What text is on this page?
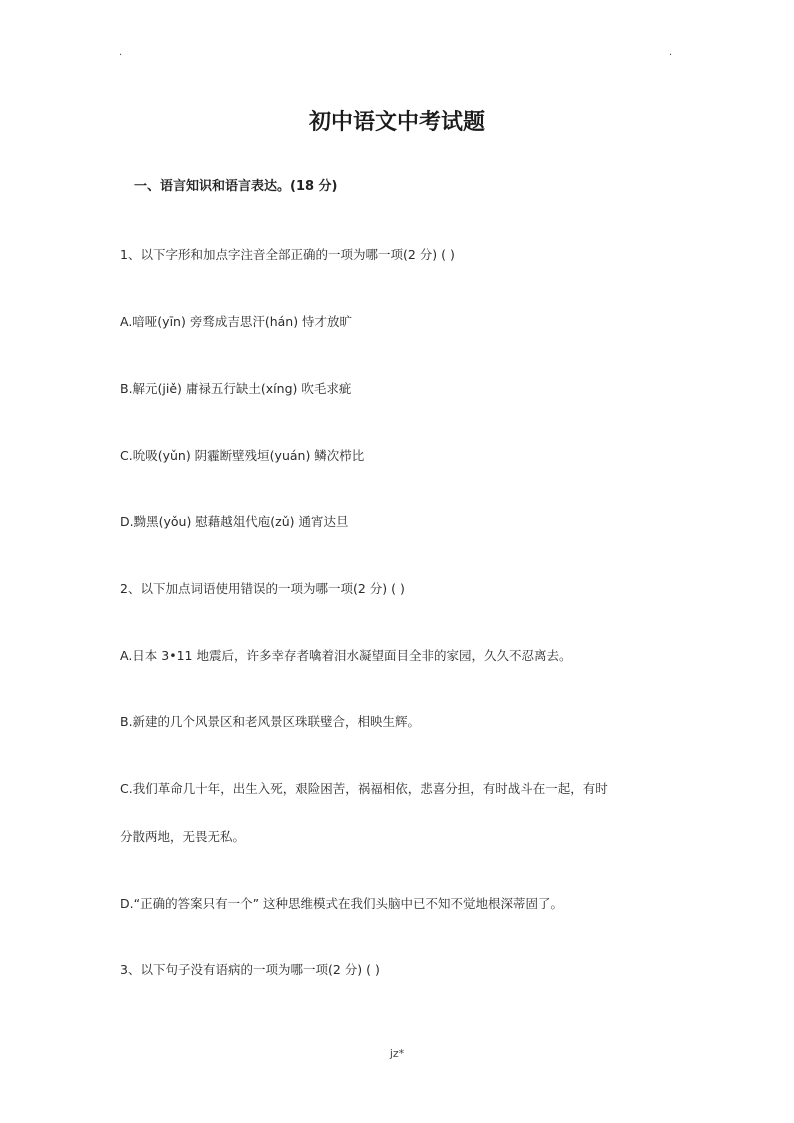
.	.
初中语文中考试题
一、语言知识和语言表达。(18 分)
1、以下字形和加点字注音全部正确的一项为哪一项(2 分) ( )
A.喑哑(yīn) 旁骛成吉思汗(hán) 恃才放旷
B.解元(jiě) 庸禄五行缺土(xíng) 吹毛求疵
C.吮吸(yǔn) 阴霾断壁残垣(yuán) 鳞次栉比
D.黝黑(yǒu) 慰藉越俎代庖(zǔ) 通宵达旦
2、以下加点词语使用错误的一项为哪一项(2 分) ( )
A.日本 3•11 地震后，许多幸存者噙着泪水凝望面目全非的家园，久久不忍离去。
B.新建的几个风景区和老风景区珠联璧合，相映生辉。
C.我们革命几十年，出生入死，艰险困苦，祸福相依，悲喜分担，有时战斗在一起，有时
分散两地，无畏无私。
D.“正确的答案只有一个” 这种思维模式在我们头脑中已不知不觉地根深蒂固了。
3、以下句子没有语病的一项为哪一项(2 分) ( )
jz*
